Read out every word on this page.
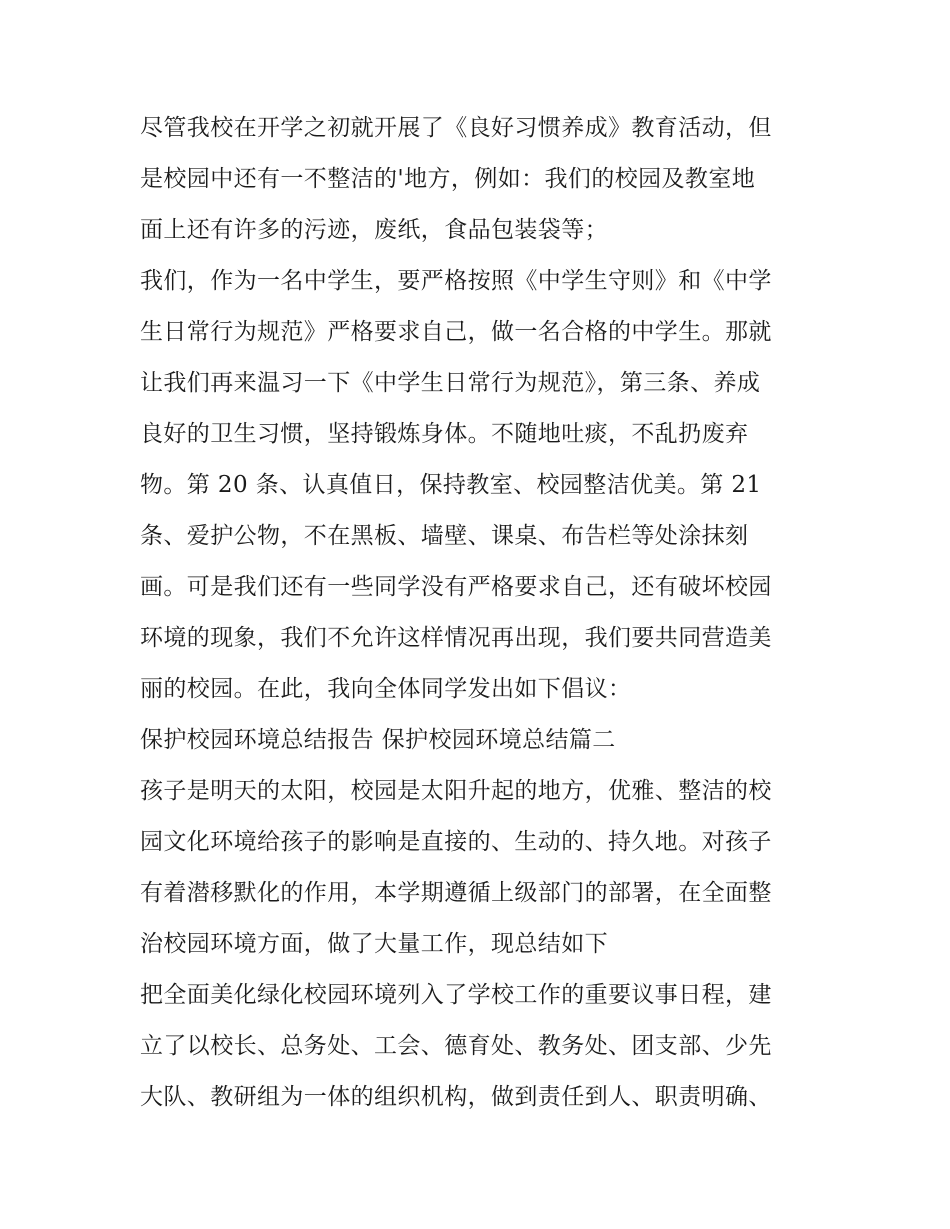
尽管我校在开学之初就开展了《良好习惯养成》教育活动，但
是校园中还有一不整洁的'地方，例如：我们的校园及教室地
面上还有许多的污迹，废纸，食品包装袋等；
我们，作为一名中学生，要严格按照《中学生守则》和《中学
生日常行为规范》严格要求自己，做一名合格的中学生。那就
让我们再来温习一下《中学生日常行为规范》，第三条、养成
良好的卫生习惯，坚持锻炼身体。不随地吐痰，不乱扔废弃
物。第 20 条、认真值日，保持教室、校园整洁优美。第 21
条、爱护公物，不在黑板、墙壁、课桌、布告栏等处涂抹刻
画。可是我们还有一些同学没有严格要求自己，还有破坏校园
环境的现象，我们不允许这样情况再出现，我们要共同营造美
丽的校园。在此，我向全体同学发出如下倡议：
保护校园环境总结报告 保护校园环境总结篇二
孩子是明天的太阳，校园是太阳升起的地方，优雅、整洁的校
园文化环境给孩子的影响是直接的、生动的、持久地。对孩子
有着潜移默化的作用，本学期遵循上级部门的部署，在全面整
治校园环境方面，做了大量工作，现总结如下
把全面美化绿化校园环境列入了学校工作的重要议事日程，建
立了以校长、总务处、工会、德育处、教务处、团支部、少先
大队、教研组为一体的组织机构，做到责任到人、职责明确、
